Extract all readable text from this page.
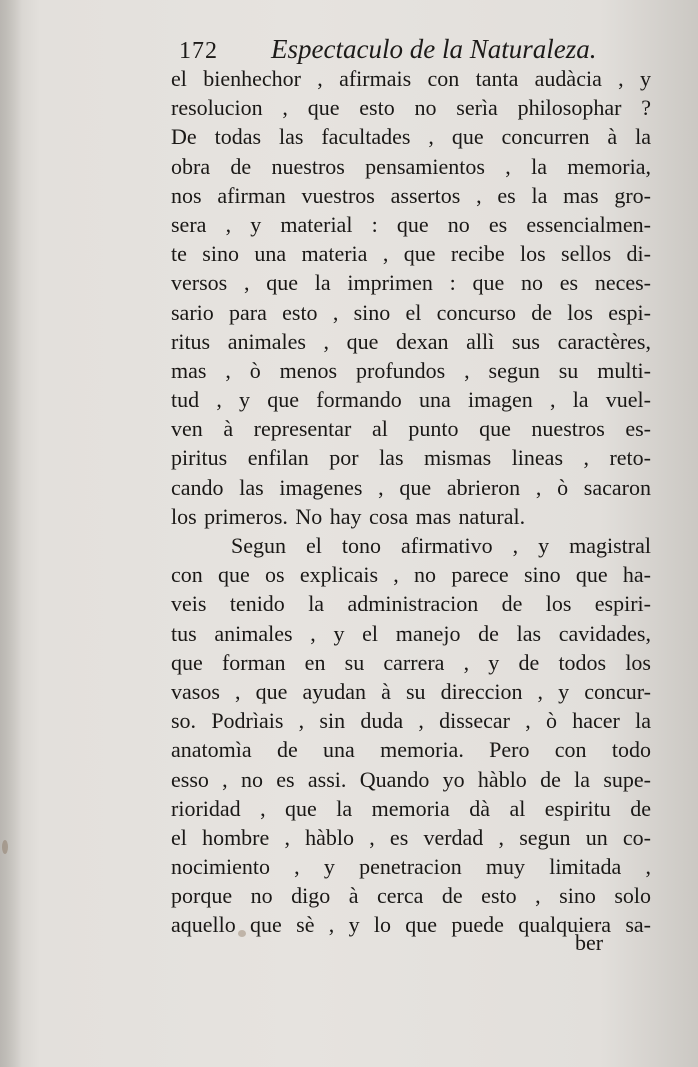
172 Espectaculo de la Naturaleza.
el bienhechor , afirmais con tanta audàcia , y
resolucion , que esto no serìa philosophar ?
De todas las facultades , que concurren à la
obra de nuestros pensamientos , la memoria,
nos afirman vuestros assertos , es la mas gro-
sera , y material : que no es essencialmen-
te sino una materia , que recibe los sellos di-
versos , que la imprimen : que no es neces-
sario para esto , sino el concurso de los espi-
ritus animales , que dexan allì sus caractères,
mas , ò menos profundos , segun su multi-
tud , y que formando una imagen , la vuel-
ven à representar al punto que nuestros es-
piritus enfilan por las mismas lineas , reto-
cando las imagenes , que abrieron , ò sacaron
los primeros. No hay cosa mas natural.
Segun el tono afirmativo , y magistral
con que os explicais , no parece sino que ha-
veis tenido la administracion de los espiri-
tus animales , y el manejo de las cavidades,
que forman en su carrera , y de todos los
vasos , que ayudan à su direccion , y concur-
so. Podrìais , sin duda , dissecar , ò hacer la
anatomìa de una memoria. Pero con todo
esso , no es assi. Quando yo hàblo de la supe-
rioridad , que la memoria dà al espiritu de
el hombre , hàblo , es verdad , segun un co-
nocimiento , y penetracion muy limitada ,
porque no digo à cerca de esto , sino solo
aquello que sè , y lo que puede qualquiera sa-
ber
